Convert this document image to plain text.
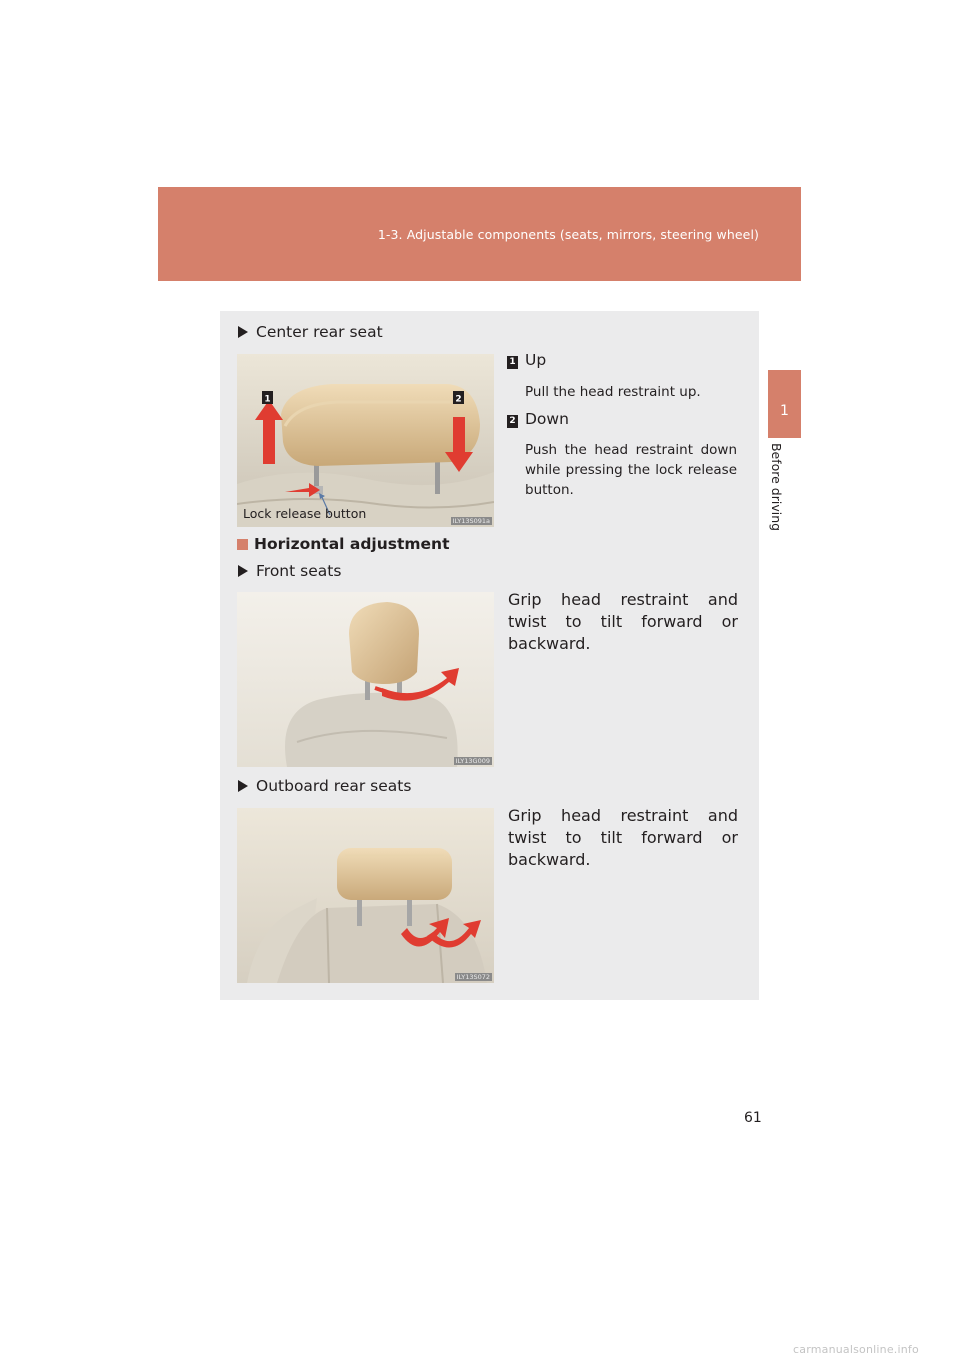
1-3. Adjustable components (seats, mirrors, steering wheel)
1
Before driving
Center rear seat
1	2
Lock release button	ILY13S091a
1 Up
Pull the head restraint up.
2 Down
Push the head restraint down while pressing the lock release button.
Horizontal adjustment
Front seats
ILY13G009
Grip head restraint and twist to tilt forward or backward.
Outboard rear seats
ILY13S072
Grip head restraint and twist to tilt forward or backward.
61
carmanualsonline.info
